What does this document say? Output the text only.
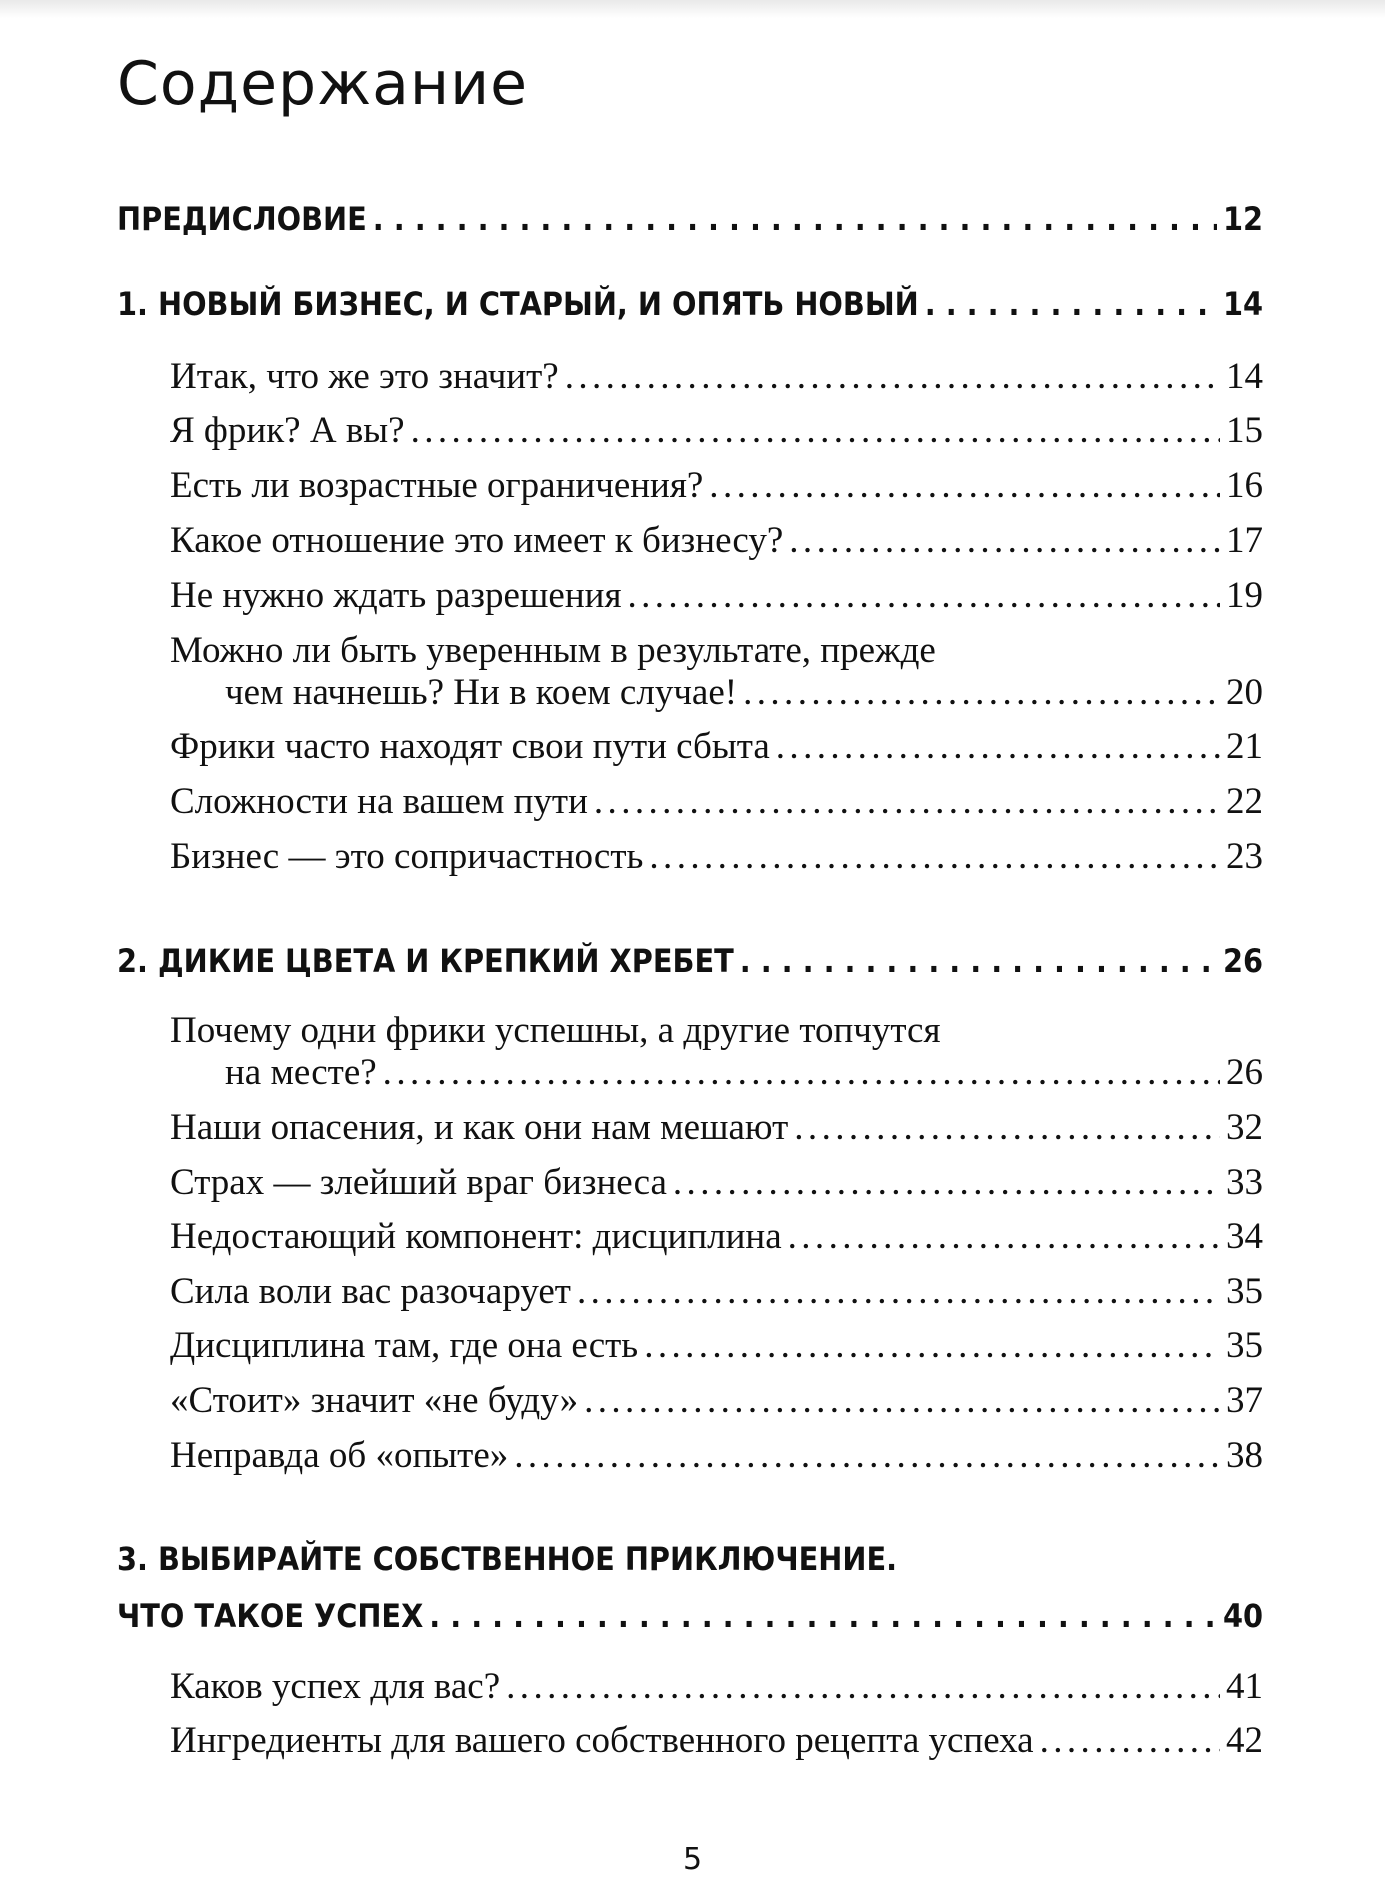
Содержание
ПРЕДИСЛОВИЕ . . .	12
1. НОВЫЙ БИЗНЕС, И СТАРЫЙ, И ОПЯТЬ НОВЫЙ . . .	14
Итак, что же это значит? .....	14
Я фрик? А вы? .....	15
Есть ли возрастные ограничения? .....	16
Какое отношение это имеет к бизнесу? .....	17
Не нужно ждать разрешения .....	19
Можно ли быть уверенным в результате, прежде
чем начнешь? Ни в коем случае! .....	20
Фрики часто находят свои пути сбыта .....	21
Сложности на вашем пути .....	22
Бизнес — это сопричастность .....	23
2. ДИКИЕ ЦВЕТА И КРЕПКИЙ ХРЕБЕТ . . .	26
Почему одни фрики успешны, а другие топчутся
на месте? .....	26
Наши опасения, и как они нам мешают .....	32
Страх — злейший враг бизнеса .....	33
Недостающий компонент: дисциплина .....	34
Сила воли вас разочарует .....	35
Дисциплина там, где она есть .....	35
«Стоит» значит «не буду» .....	37
Неправда об «опыте» .....	38
3. ВЫБИРАЙТЕ СОБСТВЕННОЕ ПРИКЛЮЧЕНИЕ.
ЧТО ТАКОЕ УСПЕХ . . .	40
Каков успех для вас? .....	41
Ингредиенты для вашего собственного рецепта успеха .....	42
5
